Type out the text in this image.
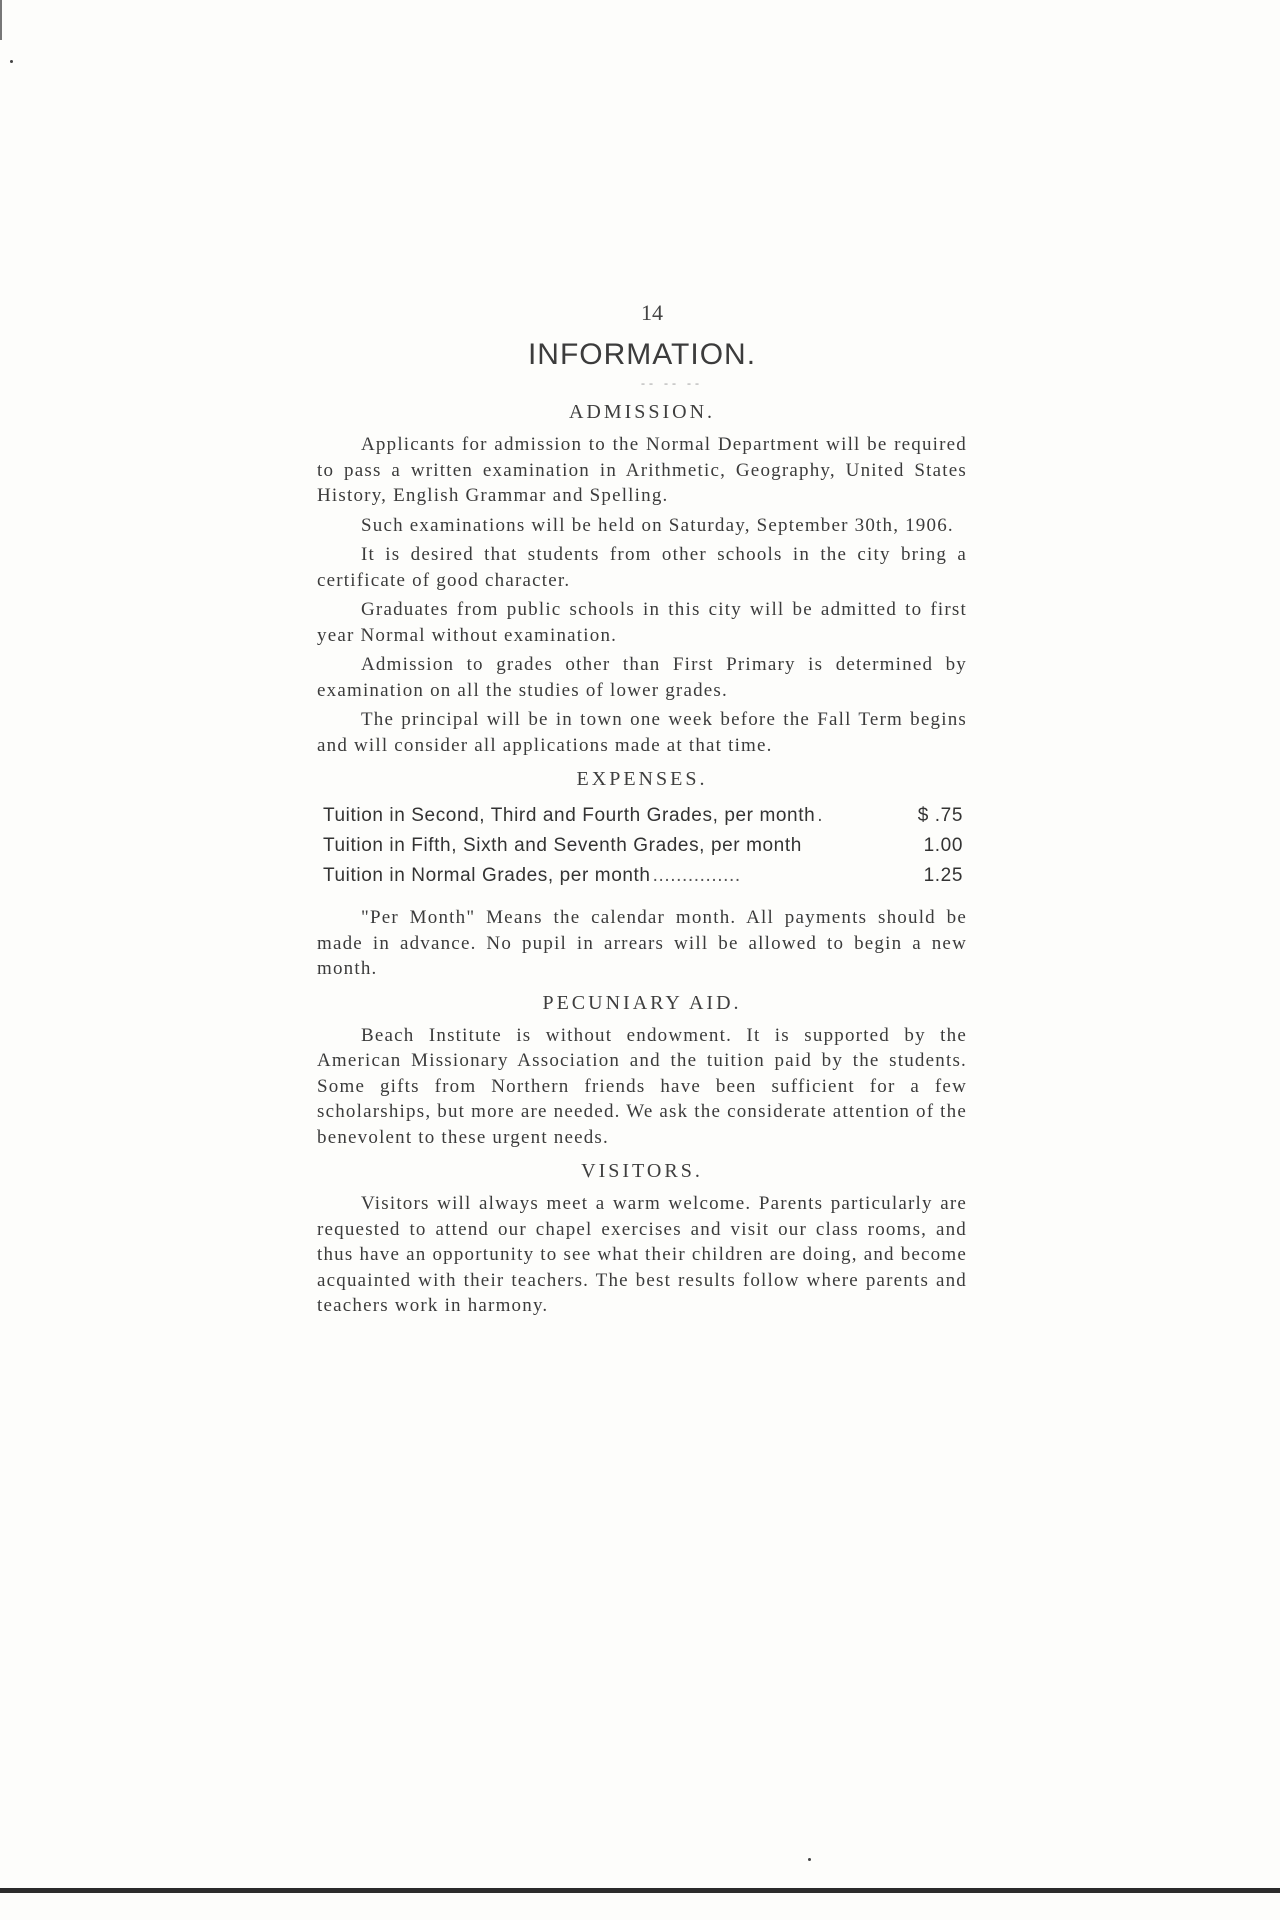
14
INFORMATION.
-- -- --
ADMISSION.

Applicants for admission to the Normal Department will be required to pass a written examination in Arithmetic, Geography, United States History, English Grammar and Spelling.

Such examinations will be held on Saturday, September 30th, 1906.

It is desired that students from other schools in the city bring a certificate of good character.

Graduates from public schools in this city will be admitted to first year Normal without examination.

Admission to grades other than First Primary is determined by examination on all the studies of lower grades.

The principal will be in town one week before the Fall Term begins and will consider all applications made at that time.

EXPENSES.
Tuition in Second, Third and Fourth Grades, per month .	$ .75
Tuition in Fifth, Sixth and Seventh Grades, per month	1.00
Tuition in Normal Grades, per month ...............	1.25

"Per Month" Means the calendar month. All payments should be made in advance. No pupil in arrears will be allowed to begin a new month.

PECUNIARY AID.

Beach Institute is without endowment. It is supported by the American Missionary Association and the tuition paid by the students. Some gifts from Northern friends have been sufficient for a few scholarships, but more are needed. We ask the considerate attention of the benevolent to these urgent needs.

VISITORS.

Visitors will always meet a warm welcome. Parents particularly are requested to attend our chapel exercises and visit our class rooms, and thus have an opportunity to see what their children are doing, and become acquainted with their teachers. The best results follow where parents and teachers work in harmony.
